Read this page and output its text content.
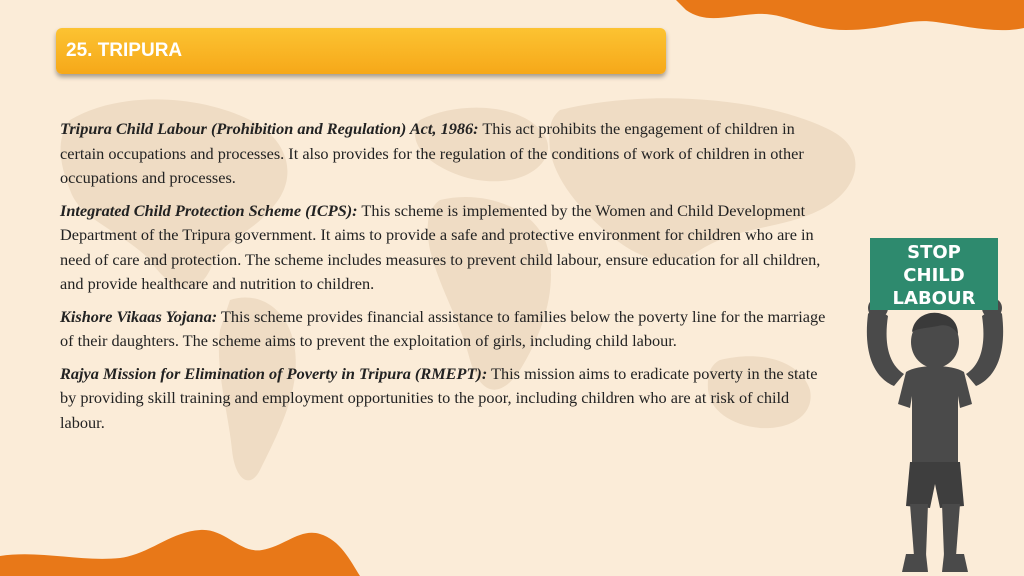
25. TRIPURA

Tripura Child Labour (Prohibition and Regulation) Act, 1986: This act prohibits the engagement of children in certain occupations and processes. It also provides for the regulation of the conditions of work of children in other occupations and processes.

Integrated Child Protection Scheme (ICPS): This scheme is implemented by the Women and Child Development Department of the Tripura government. It aims to provide a safe and protective environment for children who are in need of care and protection. The scheme includes measures to prevent child labour, ensure education for all children, and provide healthcare and nutrition to children.

Kishore Vikaas Yojana: This scheme provides financial assistance to families below the poverty line for the marriage of their daughters. The scheme aims to prevent the exploitation of girls, including child labour.

Rajya Mission for Elimination of Poverty in Tripura (RMEPT): This mission aims to eradicate poverty in the state by providing skill training and employment opportunities to the poor, including children who are at risk of child labour.

STOP
CHILD
LABOUR
